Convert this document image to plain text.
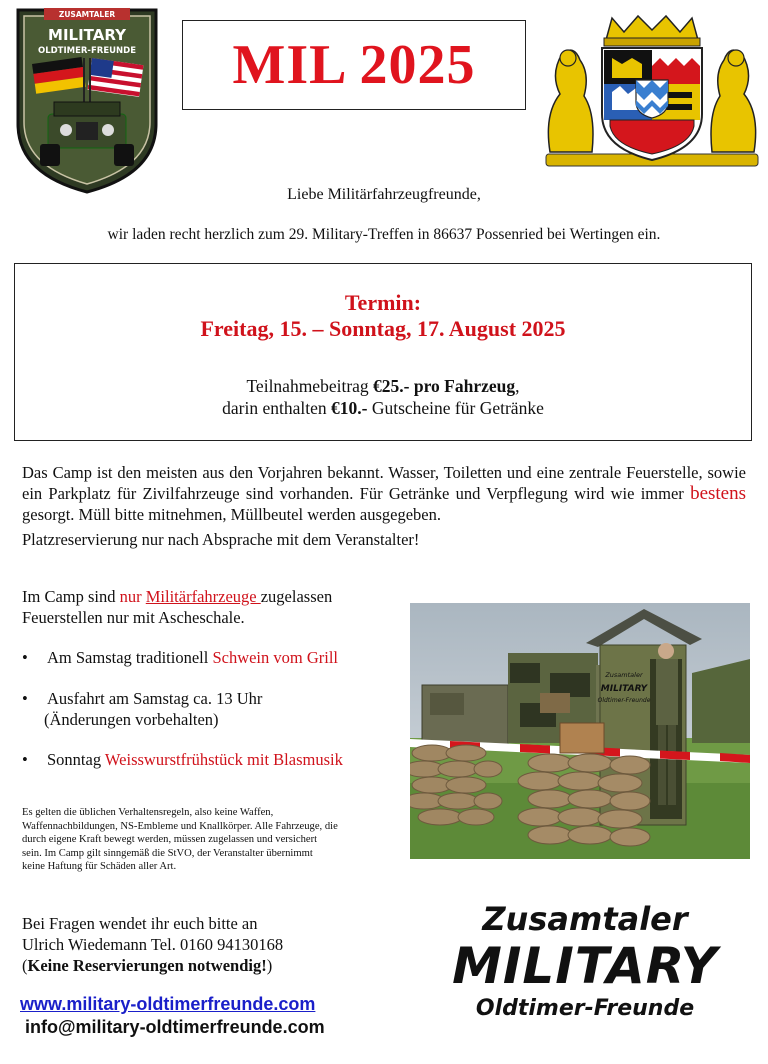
ZUSAMTALER
MILITARY
OLDTIMER-FREUNDE MIL 2025
Liebe Militärfahrzeugfreunde,
wir laden recht herzlich zum 29. Military-Treffen in 86637 Possenried bei Wertingen ein.
Termin:
Freitag, 15. – Sonntag, 17. August 2025
Teilnahmebeitrag €25.- pro Fahrzeug,
darin enthalten €10.- Gutscheine für Getränke
Das Camp ist den meisten aus den Vorjahren bekannt. Wasser, Toiletten und eine zentrale Feuerstelle, sowie ein Parkplatz für Zivilfahrzeuge sind vorhanden. Für Getränke und Verpflegung wird wie immer bestens gesorgt. Müll bitte mitnehmen, Müllbeutel werden ausgegeben.
Platzreservierung nur nach Absprache mit dem Veranstalter!
Im Camp sind nur Militärfahrzeuge zugelassen
Feuerstellen nur mit Ascheschale.
• Am Samstag traditionell Schwein vom Grill
• Ausfahrt am Samstag ca. 13 Uhr
(Änderungen vorbehalten)
• Sonntag Weisswurstfrühstück mit Blasmusik
Es gelten die üblichen Verhaltensregeln, also keine Waffen, Waffennachbildungen, NS-Embleme und Knallkörper. Alle Fahrzeuge, die durch eigene Kraft bewegt werden, müssen zugelassen und versichert sein. Im Camp gilt sinngemäß die StVO, der Veranstalter übernimmt keine Haftung für Schäden aller Art.
Bei Fragen wendet ihr euch bitte an
Ulrich Wiedemann Tel. 0160 94130168
(Keine Reservierungen notwendig!)
www.military-oldtimerfreunde.com
info@military-oldtimerfreunde.com
Zusamtaler
MILITARY
Oldtimer-Freunde
Zusamtaler
MILITARY
Oldtimer-Freunde
